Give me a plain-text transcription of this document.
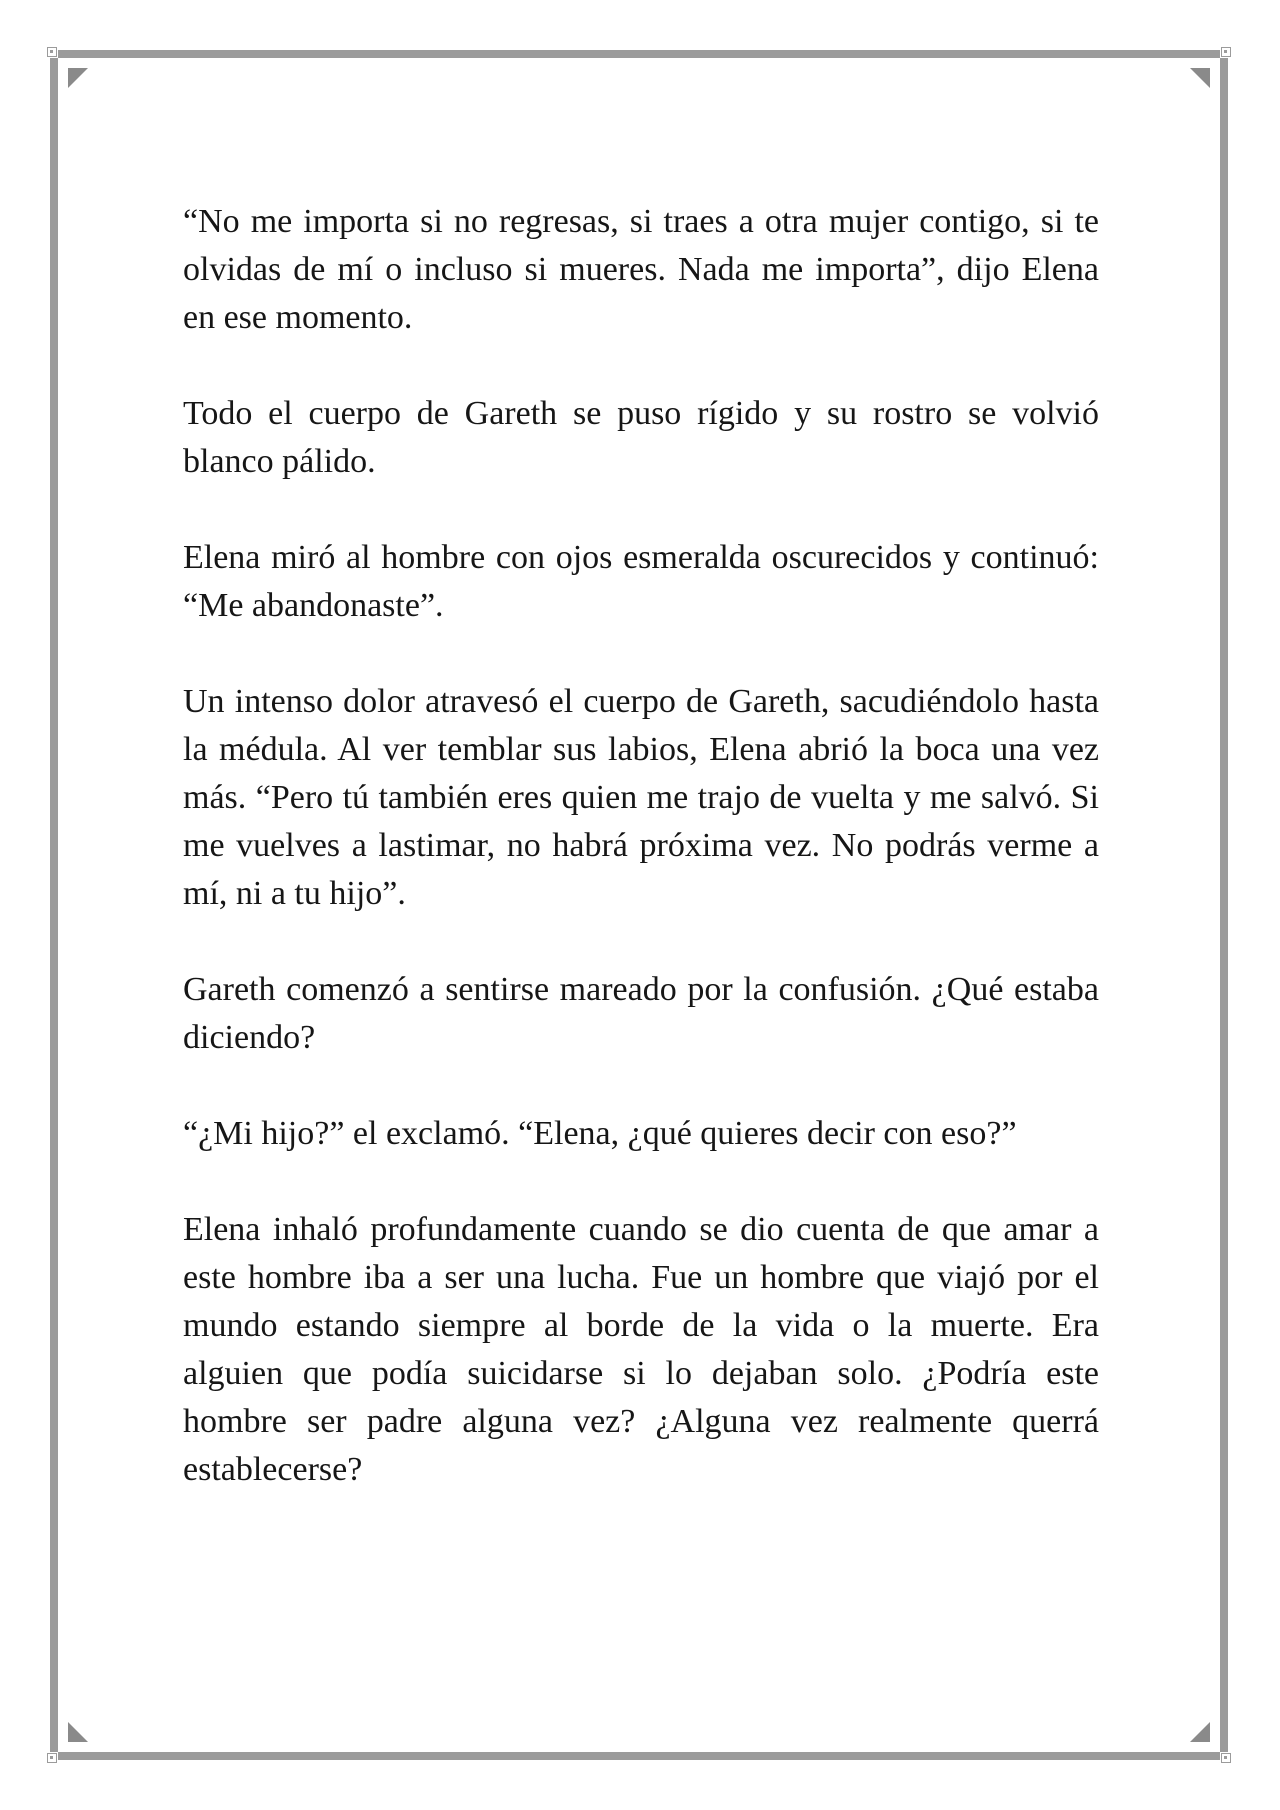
“No me importa si no regresas, si traes a otra mujer contigo, si te olvidas de mí o incluso si mueres. Nada me importa”, dijo Elena en ese momento.

Todo el cuerpo de Gareth se puso rígido y su rostro se volvió blanco pálido.

Elena miró al hombre con ojos esmeralda oscurecidos y continuó: “Me abandonaste”.

Un intenso dolor atravesó el cuerpo de Gareth, sacudiéndolo hasta la médula. Al ver temblar sus labios, Elena abrió la boca una vez más. “Pero tú también eres quien me trajo de vuelta y me salvó. Si me vuelves a lastimar, no habrá próxima vez. No podrás verme a mí, ni a tu hijo”.

Gareth comenzó a sentirse mareado por la confusión. ¿Qué estaba diciendo?

“¿Mi hijo?” el exclamó. “Elena, ¿qué quieres decir con eso?”

Elena inhaló profundamente cuando se dio cuenta de que amar a este hombre iba a ser una lucha. Fue un hombre que viajó por el mundo estando siempre al borde de la vida o la muerte. Era alguien que podía suicidarse si lo dejaban solo. ¿Podría este hombre ser padre alguna vez? ¿Alguna vez realmente querrá establecerse?
